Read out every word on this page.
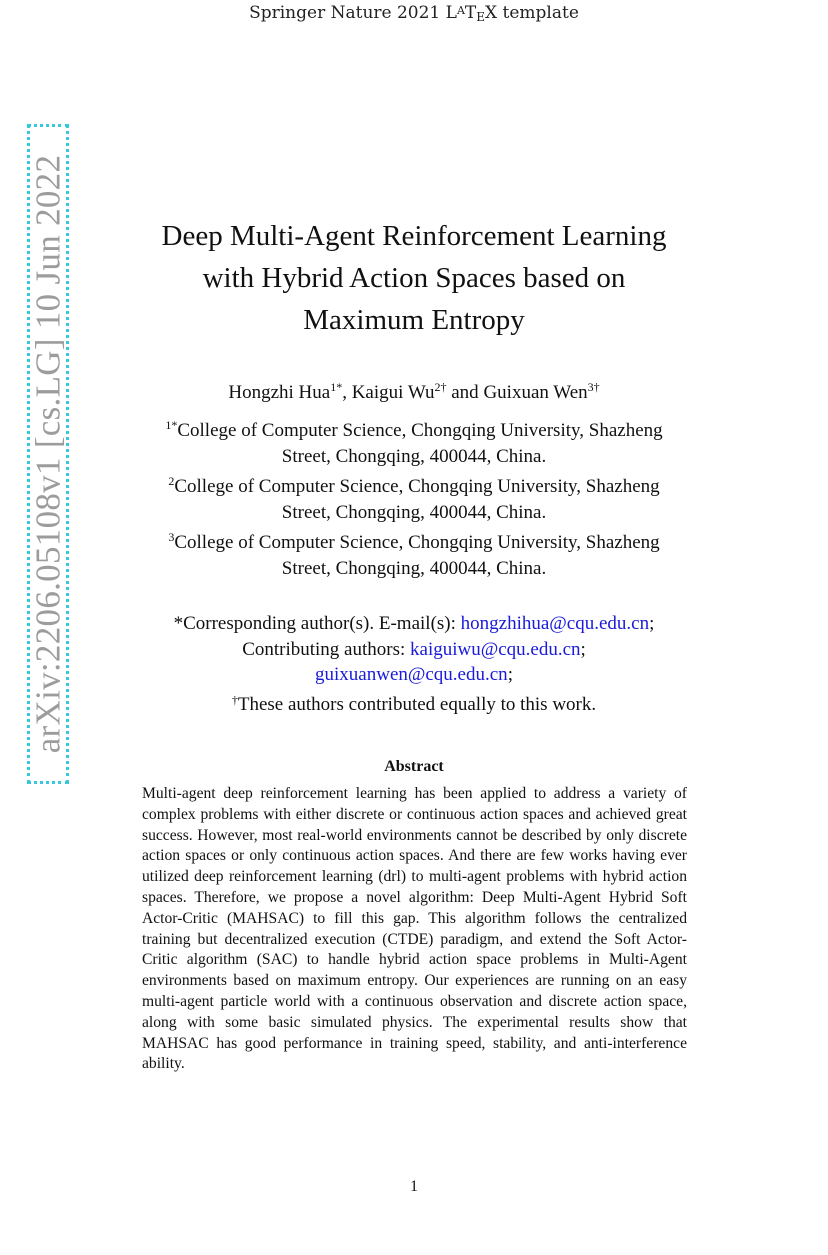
Springer Nature 2021 $L^AT_EX$ template
arXiv:2206.05108v1 [cs.LG] 10 Jun 2022	Deep Multi-Agent Reinforcement Learning
with Hybrid Action Spaces based on
Maximum Entropy
Hongzhi Hua$^{1*}$, Kaigui $Wu^{2\dagger}$ and Guixuan Wen$^{3\dagger}$
$^{1*}$College of Computer Science, Chongqing University, Shazheng
Street, Chongqing, 400044, China.
$^2$College of Computer Science, Chongqing University, Shazheng
Street, Chongqing, 400044, China.
$^3$College of Computer Science, Chongqing University, Shazheng
Street, Chongqing, 400044, China.
*Corresponding author(s). E-mail(s): hongzhihua@cqu.edu.cn;
Contributing authors: kaiguiwu@cqu.edu.cn;
guixuanwen@cqu.edu.cn;
†These authors contributed equally to this work.
Abstract

Multi-agent deep reinforcement learning has been applied to address a variety of complex problems with either discrete or continuous action spaces and achieved great success. However, most real-world environments cannot be described by only discrete action spaces or only continuous action spaces. And there are few works having ever utilized deep reinforcement learning (drl) to multi-agent problems with hybrid action spaces. Therefore, we propose a novel algorithm: Deep Multi-Agent Hybrid Soft Actor-Critic (MAHSAC) to fill this gap. This algorithm follows the centralized training but decentralized execution (CTDE) paradigm, and extend the Soft Actor-Critic algorithm (SAC) to handle hybrid action space problems in Multi-Agent environments based on maximum entropy. Our experiences are running on an easy multi-agent particle world with a continuous observation and discrete action space, along with some basic simulated physics. The experimental results show that MAHSAC has good performance in training speed, stability, and anti-interference ability.

1
